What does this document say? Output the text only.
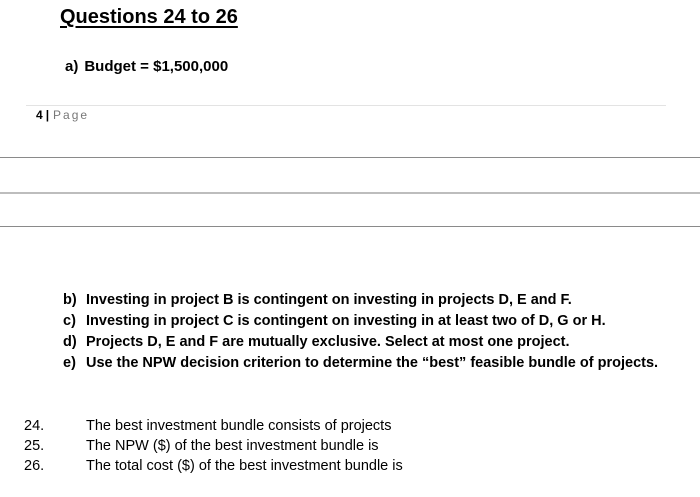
Questions 24 to 26
a) Budget = $1,500,000
4 | Page
b) Investing in project B is contingent on investing in projects D, E and F.
c) Investing in project C is contingent on investing in at least two of D, G or H.
d) Projects D, E and F are mutually exclusive. Select at most one project.
e) Use the NPW decision criterion to determine the “best” feasible bundle of projects.
24.	The best investment bundle consists of projects
25.	The NPW ($) of the best investment bundle is
26.	The total cost ($) of the best investment bundle is
